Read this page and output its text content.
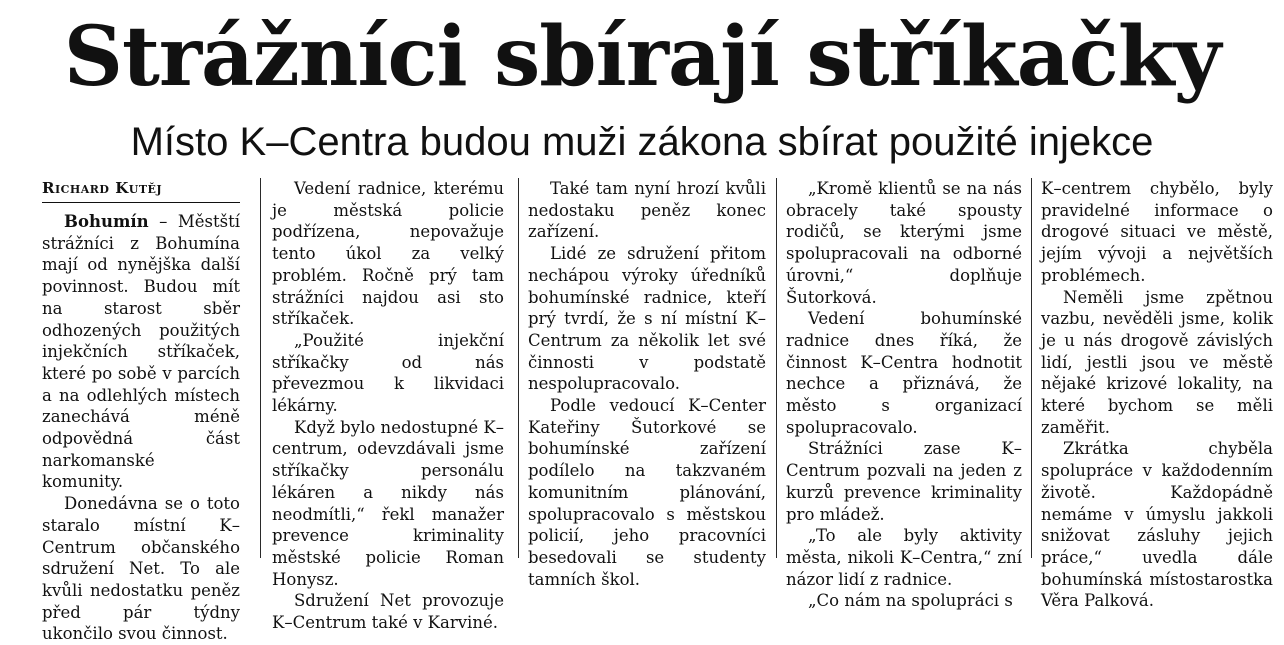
Strážníci sbírají stříkačky
Místo K–Centra budou muži zákona sbírat použité injekce
Richard Kutěj

Bohumín – Městští strážníci z Bohumína mají od nynějška další povinnost. Budou mít na starost sběr odhozených použitých injekčních stříkaček, které po sobě v parcích a na odlehlých místech zanechává méně odpovědná část narkomanské komunity.

Donedávna se o toto staralo místní K–Centrum občanského sdružení Net. To ale kvůli nedostatku peněz před pár týdny ukončilo svou činnost.

Vedení radnice, kterému je městská policie podřízena, nepovažuje tento úkol za velký problém. Ročně prý tam strážníci najdou asi sto stříkaček.

„Použité injekční stříkačky od nás převezmou k likvidaci lékárny.

Když bylo nedostupné K–centrum, odevzdávali jsme stříkačky personálu lékáren a nikdy nás neodmítli,“ řekl manažer prevence kriminality městské policie Roman Honysz.

Sdružení Net provozuje K–Centrum také v Karviné.

Také tam nyní hrozí kvůli nedostaku peněz konec zařízení.

Lidé ze sdružení přitom nechápou výroky úředníků bohumínské radnice, kteří prý tvrdí, že s ní místní K–Centrum za několik let své činnosti v podstatě nespolupracovalo.

Podle vedoucí K–Center Kateřiny Šutorkové se bohumínské zařízení podílelo na takzvaném komunitním plánování, spolupracovalo s městskou policií, jeho pracovníci besedovali se studenty tamních škol.

„Kromě klientů se na nás obracely také spousty rodičů, se kterými jsme spolupracovali na odborné úrovni,“ doplňuje Šutorková.

Vedení bohumínské radnice dnes říká, že činnost K–Centra hodnotit nechce a přiznává, že město s organizací spolupracovalo.

Strážníci zase K–Centrum pozvali na jeden z kurzů prevence kriminality pro mládež.

„To ale byly aktivity města, nikoli K–Centra,“ zní názor lidí z radnice.

„Co nám na spolupráci s

K–centrem chybělo, byly pravidelné informace o drogové situaci ve městě, jejím vývoji a největších problémech.

Neměli jsme zpětnou vazbu, nevěděli jsme, kolik je u nás drogově závislých lidí, jestli jsou ve městě nějaké krizové lokality, na které bychom se měli zaměřit.

Zkrátka chyběla spolupráce v každodenním životě. Každopádně nemáme v úmyslu jakkoli snižovat zásluhy jejich práce,“ uvedla dále bohumínská místostarostka Věra Palková.
